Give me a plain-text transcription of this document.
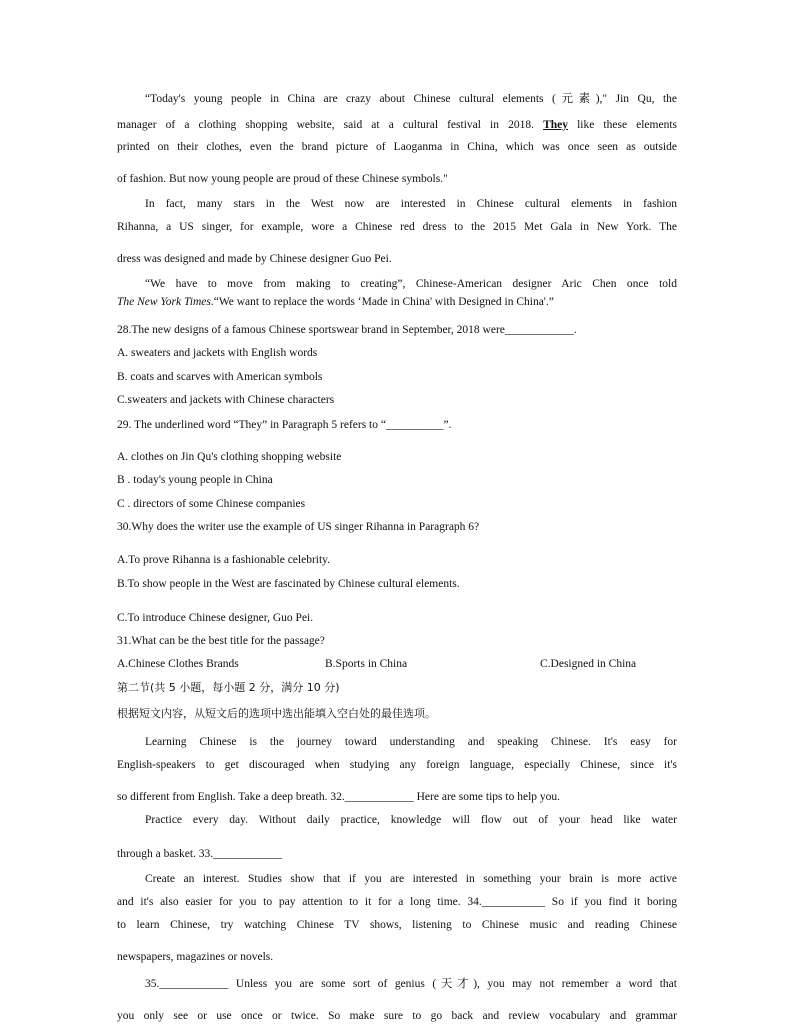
“Today's young people in China are crazy about Chinese cultural elements (元素)," Jin Qu, the
manager of a clothing shopping website, said at a cultural festival in 2018. They like these elements
printed on their clothes, even the brand picture of Laoganma in China, which was once seen as outside
of fashion. But now young people are proud of these Chinese symbols."
In fact, many stars in the West now are interested in Chinese cultural elements in fashion
Rihanna, a US singer, for example, wore a Chinese red dress to the 2015 Met Gala in New York. The
dress was designed and made by Chinese designer Guo Pei.
“We have to move from making to creating”, Chinese-American designer Aric Chen once told
The New York Times.“We want to replace the words ‘Made in China' with Designed in China'.”
28.The new designs of a famous Chinese sportswear brand in September, 2018 were____________.
A. sweaters and jackets with English words
B. coats and scarves with American symbols
C.sweaters and jackets with Chinese characters
29. The underlined word “They” in Paragraph 5 refers to “__________”.
A. clothes on Jin Qu's clothing shopping website
B . today's young people in China
C . directors of some Chinese companies
30.Why does the writer use the example of US singer Rihanna in Paragraph 6?
A.To prove Rihanna is a fashionable celebrity.
B.To show people in the West are fascinated by Chinese cultural elements.
C.To introduce Chinese designer, Guo Pei.
31.What can be the best title for the passage?
A.Chinese Clothes Brands	B.Sports in China	C.Designed in China
第二节(共 5 小题，每小题 2 分，满分 10 分)
根据短文内容，从短文后的选项中选出能填入空白处的最佳选项。
Learning Chinese is the journey toward understanding and speaking Chinese. It's easy for
English-speakers to get discouraged when studying any foreign language, especially Chinese, since it's
so different from English. Take a deep breath. 32.____________ Here are some tips to help you.
Practice every day. Without daily practice, knowledge will flow out of your head like water
through a basket. 33.____________
Create an interest. Studies show that if you are interested in something your brain is more active
and it's also easier for you to pay attention to it for a long time. 34.___________ So if you find it boring
to learn Chinese, try watching Chinese TV shows, listening to Chinese music and reading Chinese
newspapers, magazines or novels.
35.____________ Unless you are some sort of genius (天才), you may not remember a word that
you only see or use once or twice. So make sure to go back and review vocabulary and grammar
